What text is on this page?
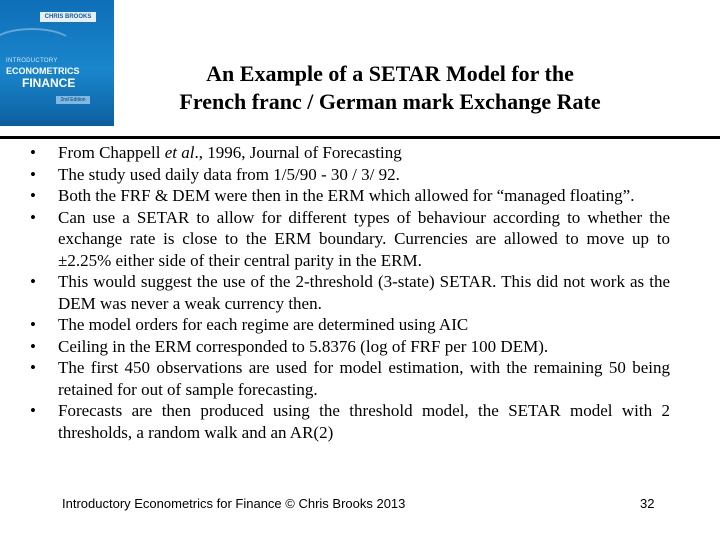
CHRIS BROOKS
INTRODUCTORY
ECONOMETRICS
FINANCE
2nd Edition
An Example of a SETAR Model for the
French franc / German mark Exchange Rate
• From Chappell et al., 1996, Journal of Forecasting
• The study used daily data from 1/5/90 - 30 / 3/ 92.
• Both the FRF & DEM were then in the ERM which allowed for “managed floating”.
• Can use a SETAR to allow for different types of behaviour according to whether the exchange rate is close to the ERM boundary. Currencies are allowed to move up to ±2.25% either side of their central parity in the ERM.
• This would suggest the use of the 2-threshold (3-state) SETAR. This did not work as the DEM was never a weak currency then.
• The model orders for each regime are determined using AIC
• Ceiling in the ERM corresponded to 5.8376 (log of FRF per 100 DEM).
• The first 450 observations are used for model estimation, with the remaining 50 being retained for out of sample forecasting.
• Forecasts are then produced using the threshold model, the SETAR model with 2 thresholds, a random walk and an AR(2)
Introductory Econometrics for Finance © Chris Brooks 2013	32
